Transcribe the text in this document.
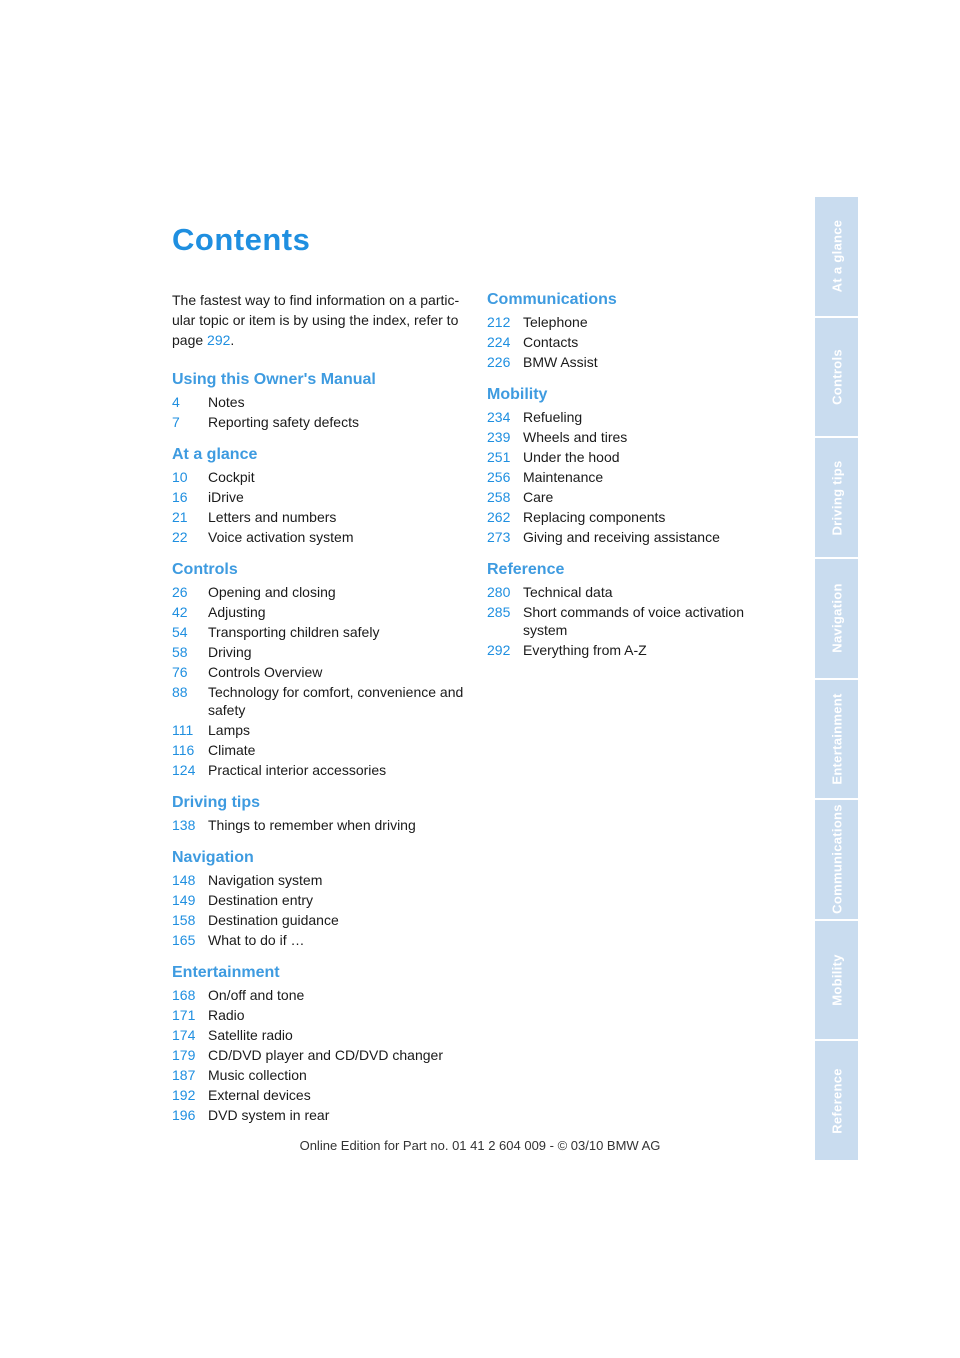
Contents

The fastest way to find information on a partic-
ular topic or item is by using the index, refer to
page 292.

Using this Owner's Manual
4	Notes
7	Reporting safety defects
At a glance
10	Cockpit
16	iDrive
21	Letters and numbers
22	Voice activation system
Controls
26	Opening and closing
42	Adjusting
54	Transporting children safely
58	Driving
76	Controls Overview
88	Technology for comfort, convenience and safety
111	Lamps
116 Climate
124 Practical interior accessories
Driving tips
138 Things to remember when driving
Navigation
148 Navigation system
149 Destination entry
158 Destination guidance
165 What to do if …
Entertainment
168 On/off and tone
171 Radio
174 Satellite radio
179 CD/DVD player and CD/DVD changer
187 Music collection
192 External devices
196 DVD system in rear
Communications
212 Telephone
224 Contacts
226 BMW Assist
Mobility
234 Refueling
239 Wheels and tires
251 Under the hood
256 Maintenance
258 Care
262 Replacing components
273 Giving and receiving assistance
Reference
280 Technical data
285 Short commands of voice activation system
292 Everything from A-Z
At a glance
Controls
Driving tips
Navigation
Entertainment
Communications
Mobility
Reference
Online Edition for Part no. 01 41 2 604 009 - © 03/10 BMW AG
